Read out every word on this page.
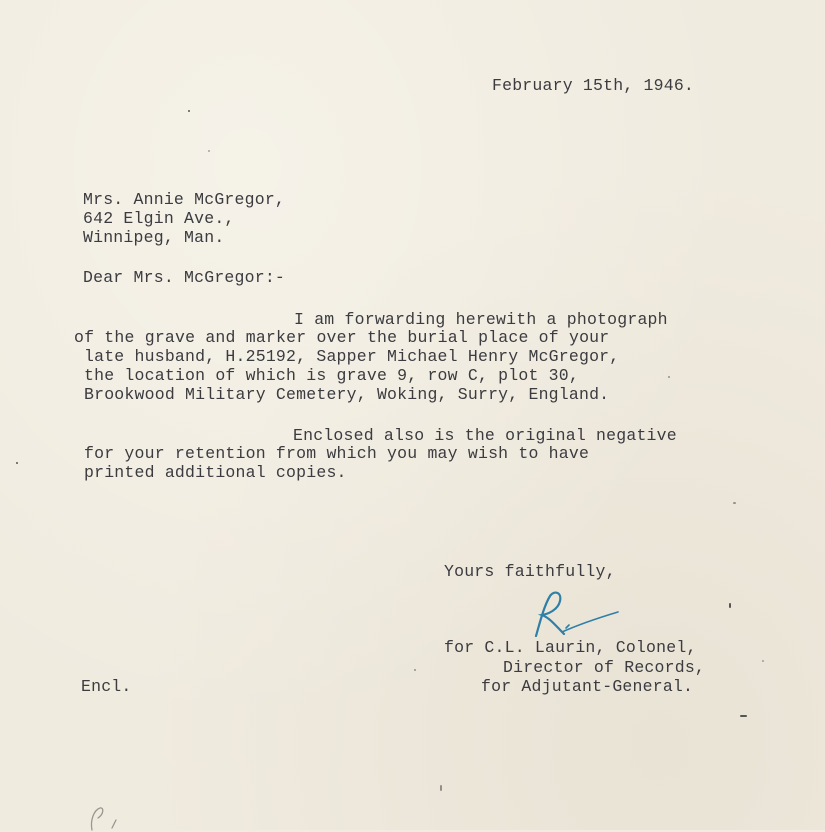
February 15th, 1946.
Mrs. Annie McGregor,
642 Elgin Ave.,
Winnipeg, Man.
Dear Mrs. McGregor:-
I am forwarding herewith a photograph
of the grave and marker over the burial place of your
late husband, H.25192, Sapper Michael Henry McGregor,
the location of which is grave 9, row C, plot 30,
Brookwood Military Cemetery, Woking, Surry, England.
Enclosed also is the original negative
for your retention from which you may wish to have
printed additional copies.
Yours faithfully,
for C.L. Laurin, Colonel,
Director of Records,
for Adjutant-General.
Encl.
